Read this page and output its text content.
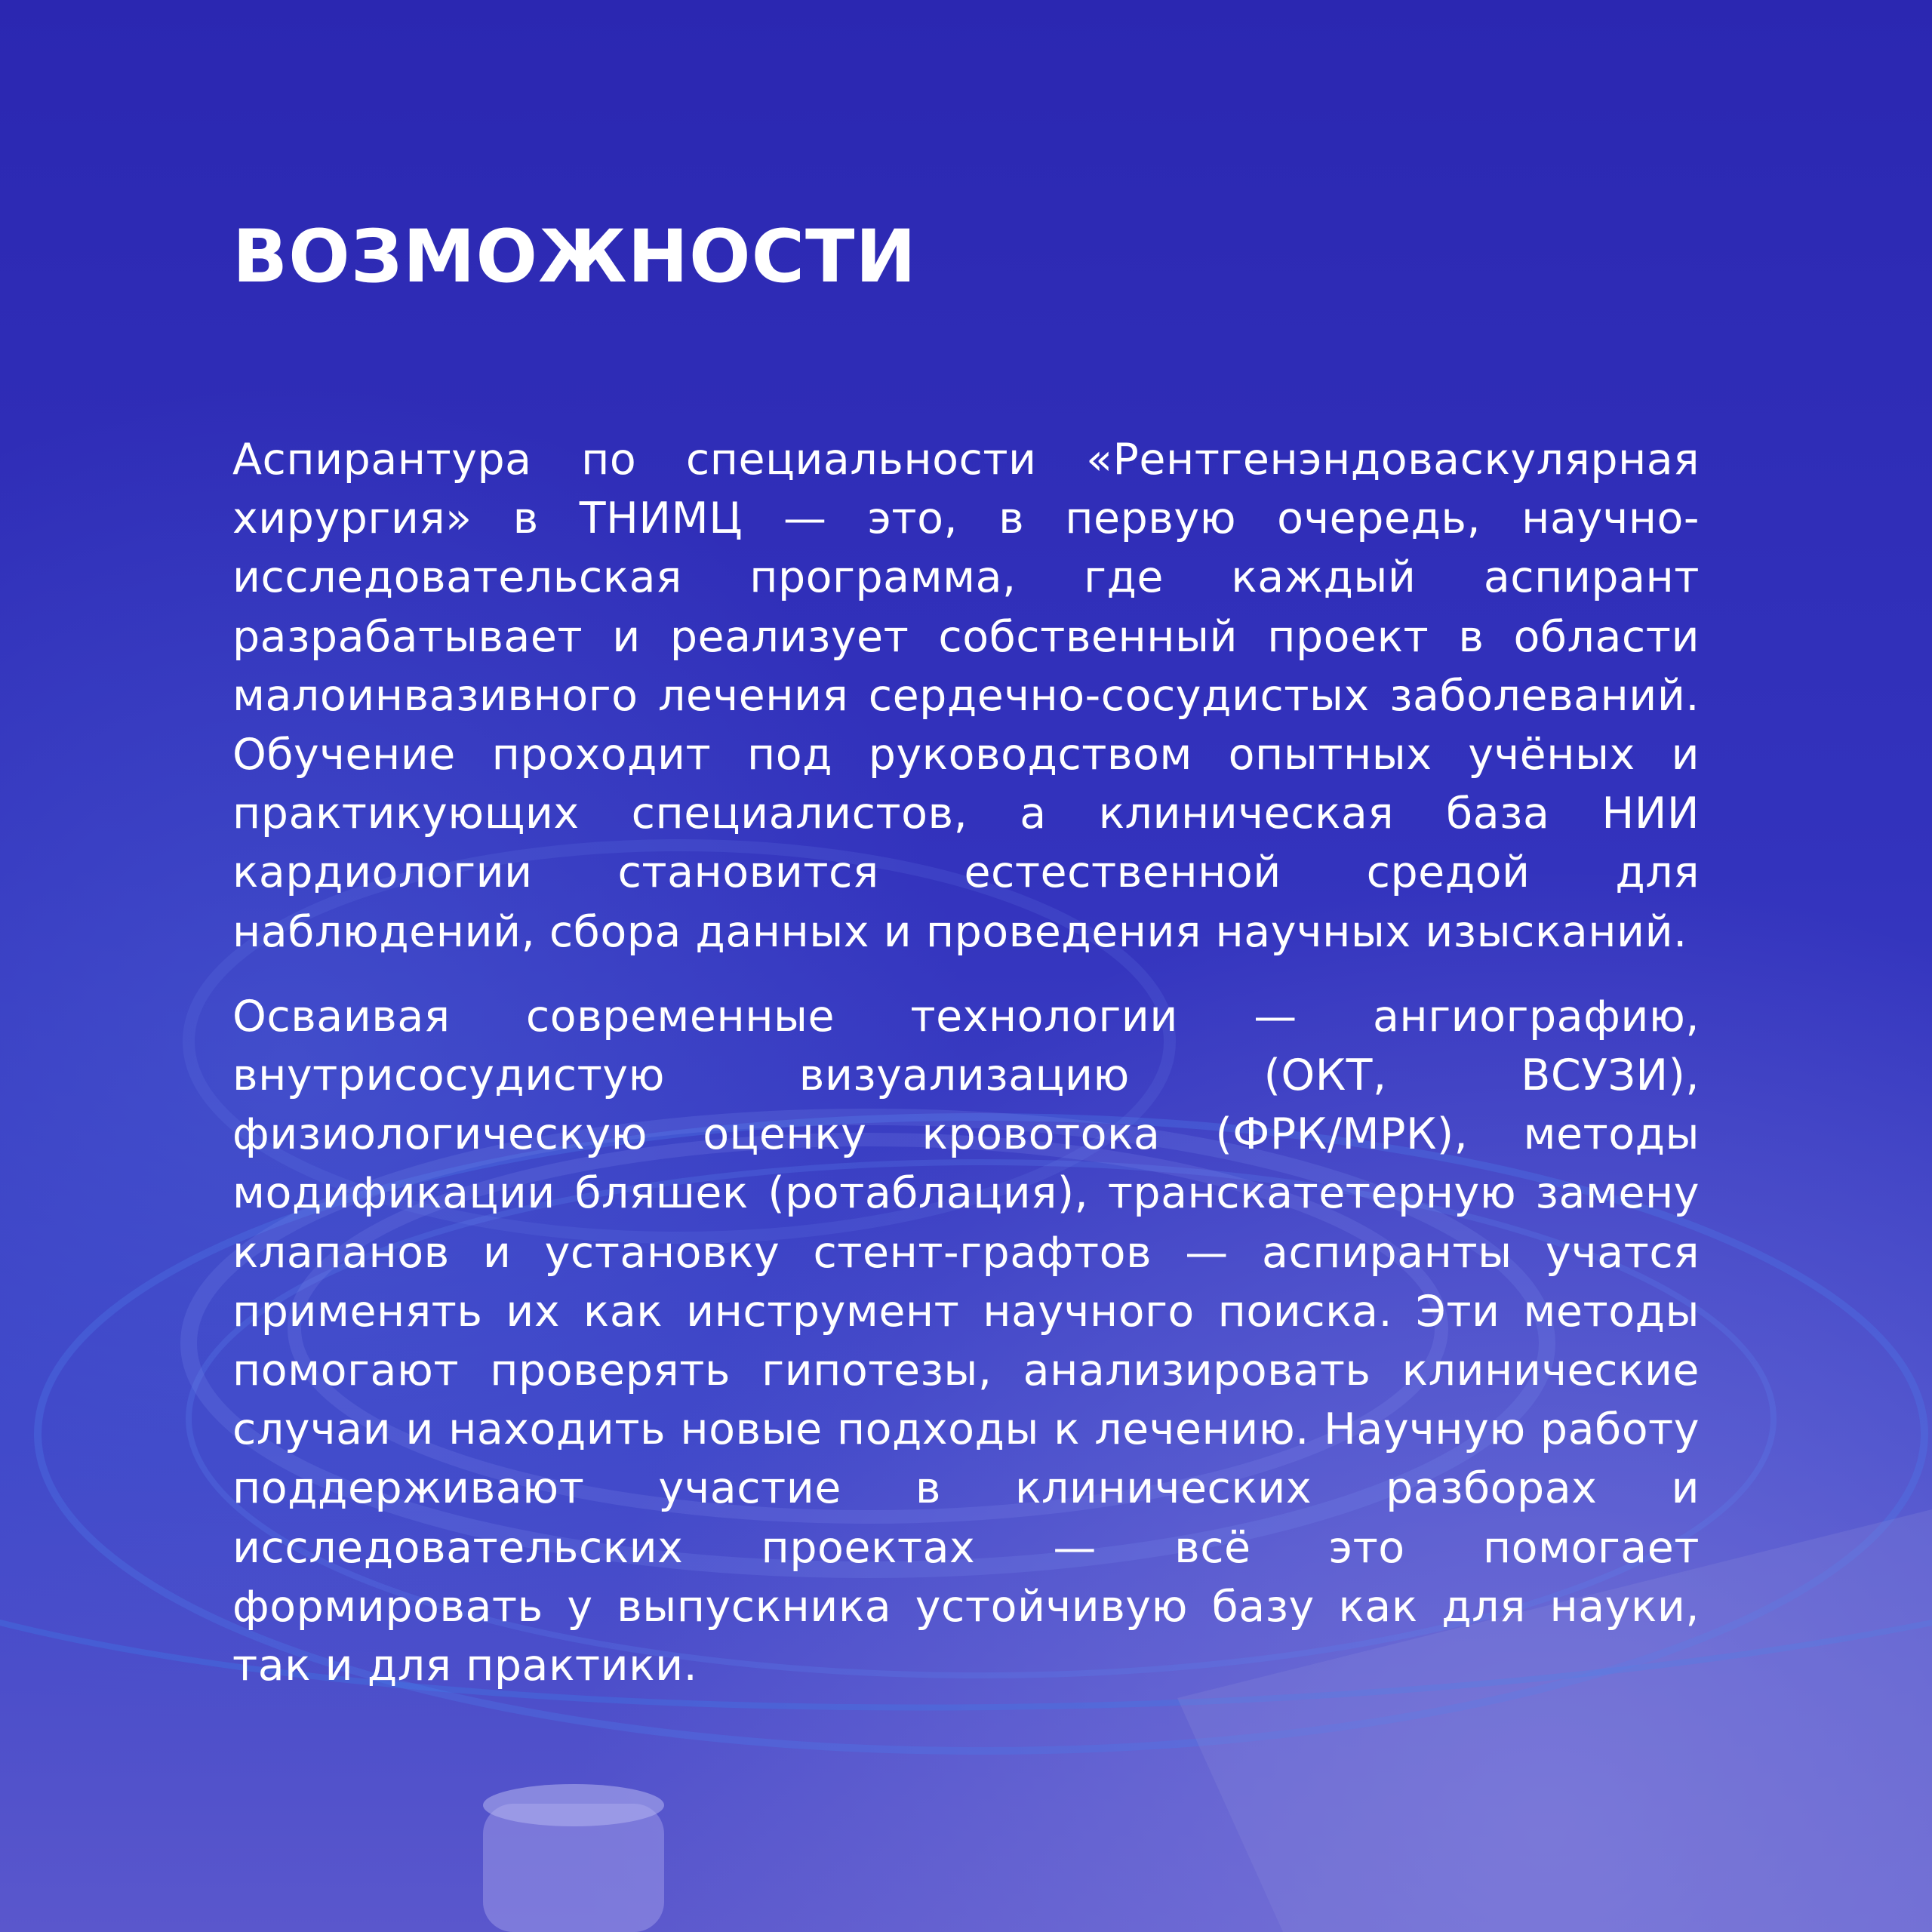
ВОЗМОЖНОСТИ

Аспирантура по специальности «Рентгенэндоваскулярная хирургия» в ТНИМЦ — это, в первую очередь, научно-исследовательская программа, где каждый аспирант разрабатывает и реализует собственный проект в области малоинвазивного лечения сердечно-сосудистых заболеваний. Обучение проходит под руководством опытных учёных и практикующих специалистов, а клиническая база НИИ кардиологии становится естественной средой для наблюдений, сбора данных и проведения научных изысканий.

Осваивая современные технологии — ангиографию, внутрисосудистую визуализацию (ОКТ, ВСУЗИ), физиологическую оценку кровотока (ФРК/МРК), методы модификации бляшек (ротаблация), транскатетерную замену клапанов и установку стент-графтов — аспиранты учатся применять их как инструмент научного поиска. Эти методы помогают проверять гипотезы, анализировать клинические случаи и находить новые подходы к лечению. Научную работу поддерживают участие в клинических разборах и исследовательских проектах — всё это помогает формировать у выпускника устойчивую базу как для науки, так и для практики.
